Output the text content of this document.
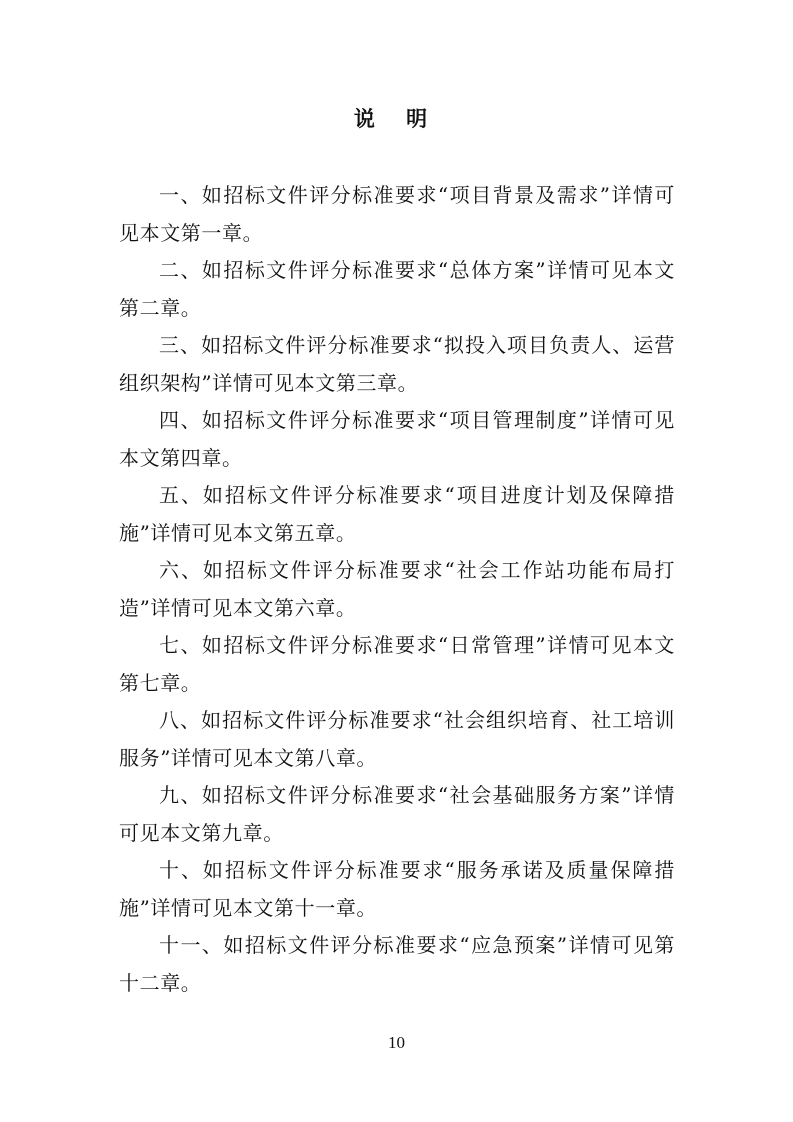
说 明

一、如招标文件评分标准要求“项目背景及需求”详情可见本文第一章。

二、如招标文件评分标准要求“总体方案”详情可见本文第二章。

三、如招标文件评分标准要求“拟投入项目负责人、运营组织架构”详情可见本文第三章。

四、如招标文件评分标准要求“项目管理制度”详情可见本文第四章。

五、如招标文件评分标准要求“项目进度计划及保障措施”详情可见本文第五章。

六、如招标文件评分标准要求“社会工作站功能布局打造”详情可见本文第六章。

七、如招标文件评分标准要求“日常管理”详情可见本文第七章。

八、如招标文件评分标准要求“社会组织培育、社工培训服务”详情可见本文第八章。

九、如招标文件评分标准要求“社会基础服务方案”详情可见本文第九章。

十、如招标文件评分标准要求“服务承诺及质量保障措施”详情可见本文第十一章。

十一、如招标文件评分标准要求“应急预案”详情可见第十二章。

10
